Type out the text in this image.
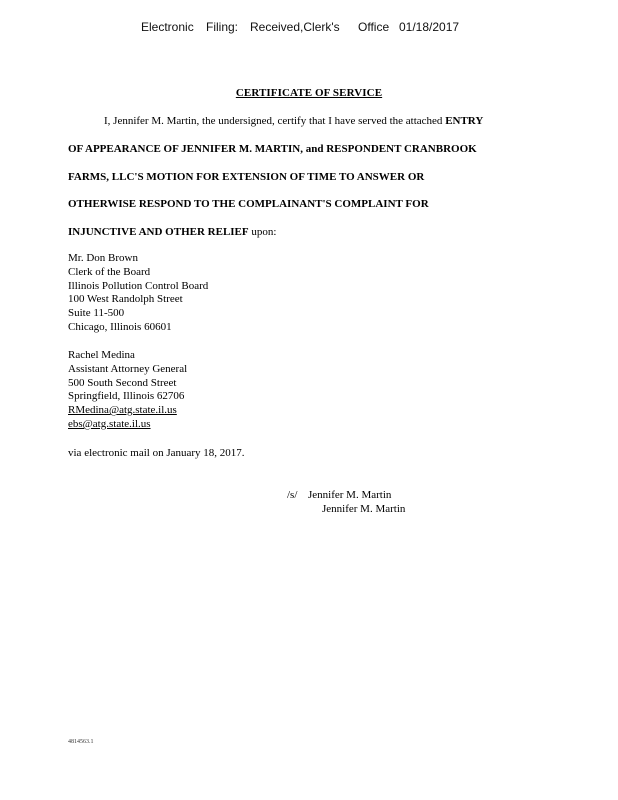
Electronic Filing: Received,Clerk's Office 01/18/2017
CERTIFICATE OF SERVICE
I, Jennifer M. Martin, the undersigned, certify that I have served the attached ENTRY
OF APPEARANCE OF JENNIFER M. MARTIN, and RESPONDENT CRANBROOK
FARMS, LLC'S MOTION FOR EXTENSION OF TIME TO ANSWER OR
OTHERWISE RESPOND TO THE COMPLAINANT'S COMPLAINT FOR
INJUNCTIVE AND OTHER RELIEF upon:
Mr. Don Brown
Clerk of the Board
Illinois Pollution Control Board
100 West Randolph Street
Suite 11-500
Chicago, Illinois 60601
Rachel Medina
Assistant Attorney General
500 South Second Street
Springfield, Illinois 62706
RMedina@atg.state.il.us
ebs@atg.state.il.us
via electronic mail on January 18, 2017.
/s/ Jennifer M. Martin
Jennifer M. Martin
4814563.1
